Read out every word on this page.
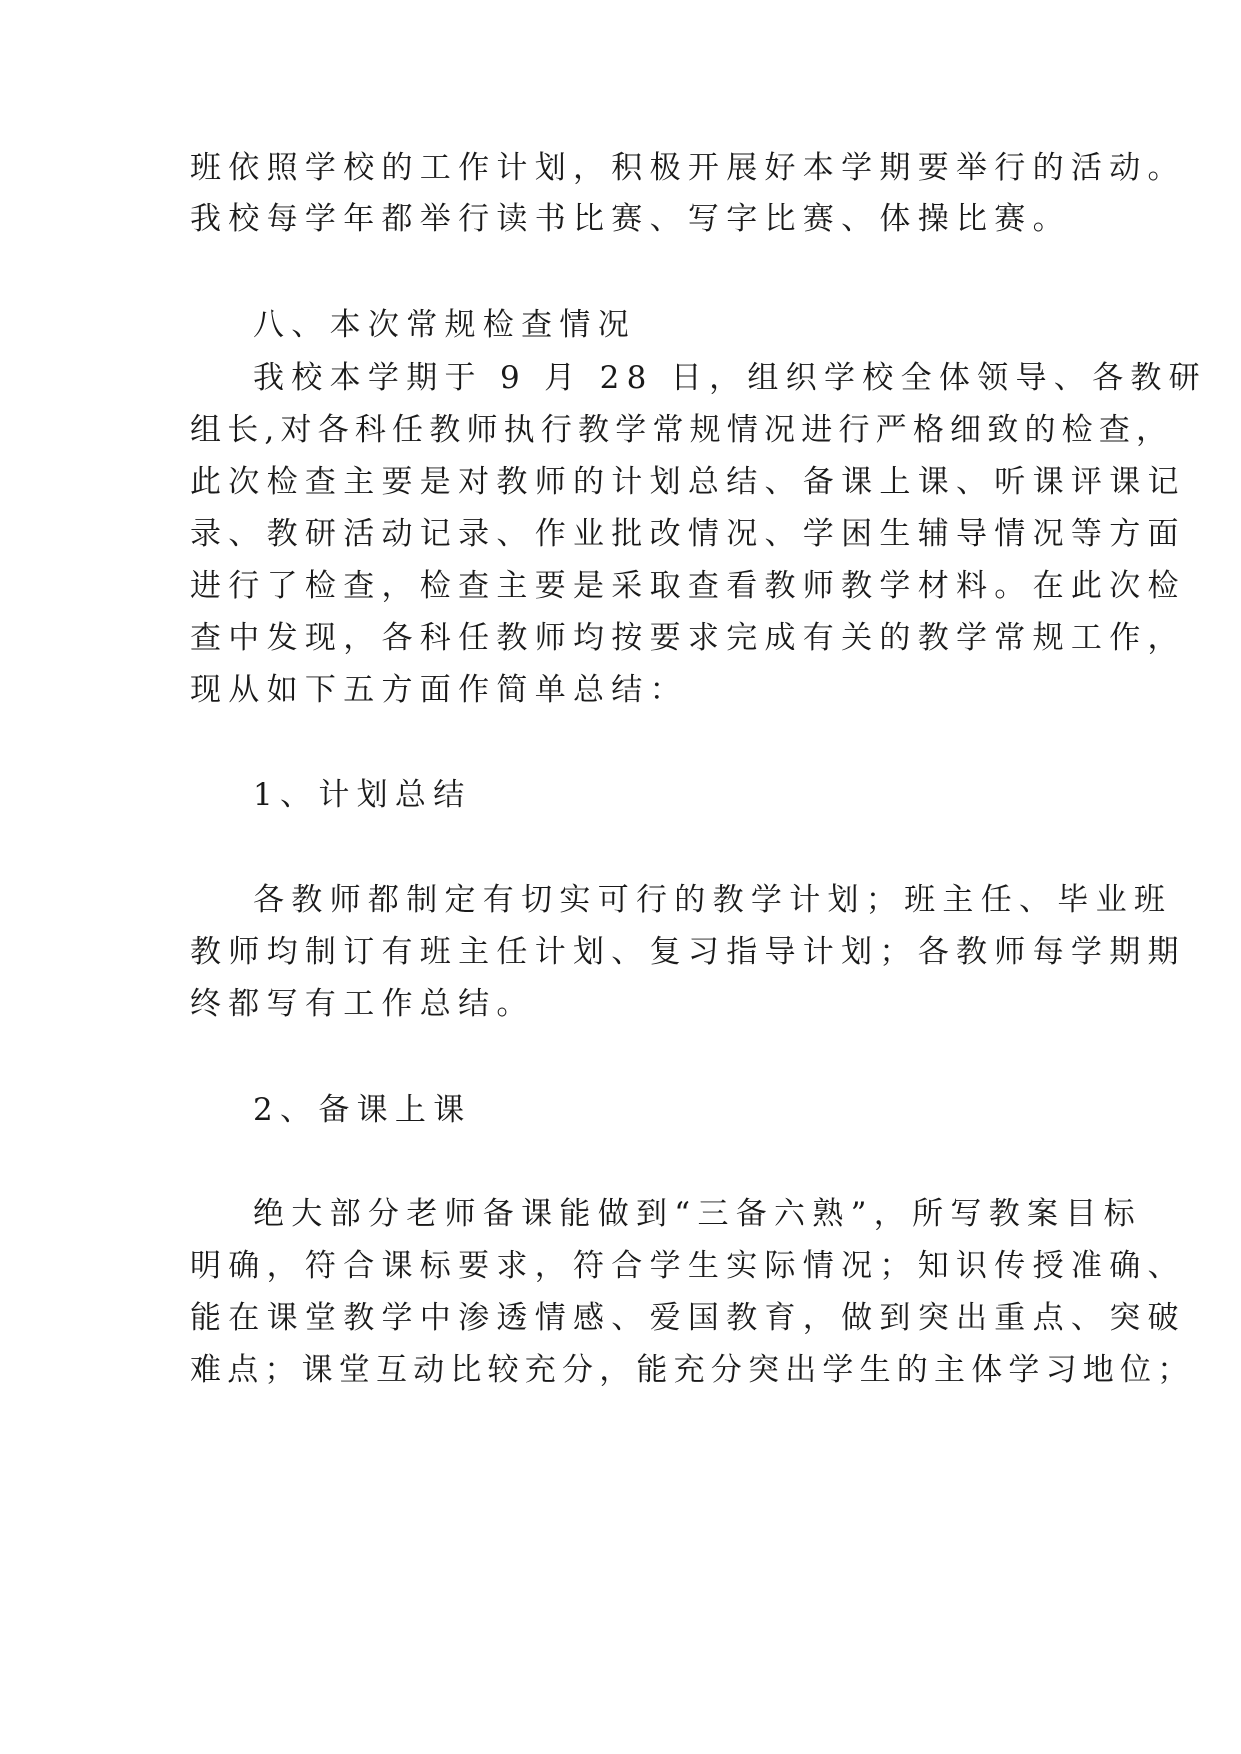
班依照学校的工作计划，积极开展好本学期要举行的活动。

我校每学年都举行读书比赛、写字比赛、体操比赛。

八、本次常规检查情况

我校本学期于 9 月 28 日，组织学校全体领导、各教研

组长,对各科任教师执行教学常规情况进行严格细致的检查，

此次检查主要是对教师的计划总结、备课上课、听课评课记

录、教研活动记录、作业批改情况、学困生辅导情况等方面

进行了检查，检查主要是采取查看教师教学材料。在此次检

查中发现，各科任教师均按要求完成有关的教学常规工作，

现从如下五方面作简单总结：

1、计划总结

各教师都制定有切实可行的教学计划；班主任、毕业班

教师均制订有班主任计划、复习指导计划；各教师每学期期

终都写有工作总结。

2、备课上课

绝大部分老师备课能做到“三备六熟”，所写教案目标

明确，符合课标要求，符合学生实际情况；知识传授准确、

能在课堂教学中渗透情感、爱国教育，做到突出重点、突破

难点；课堂互动比较充分，能充分突出学生的主体学习地位；
